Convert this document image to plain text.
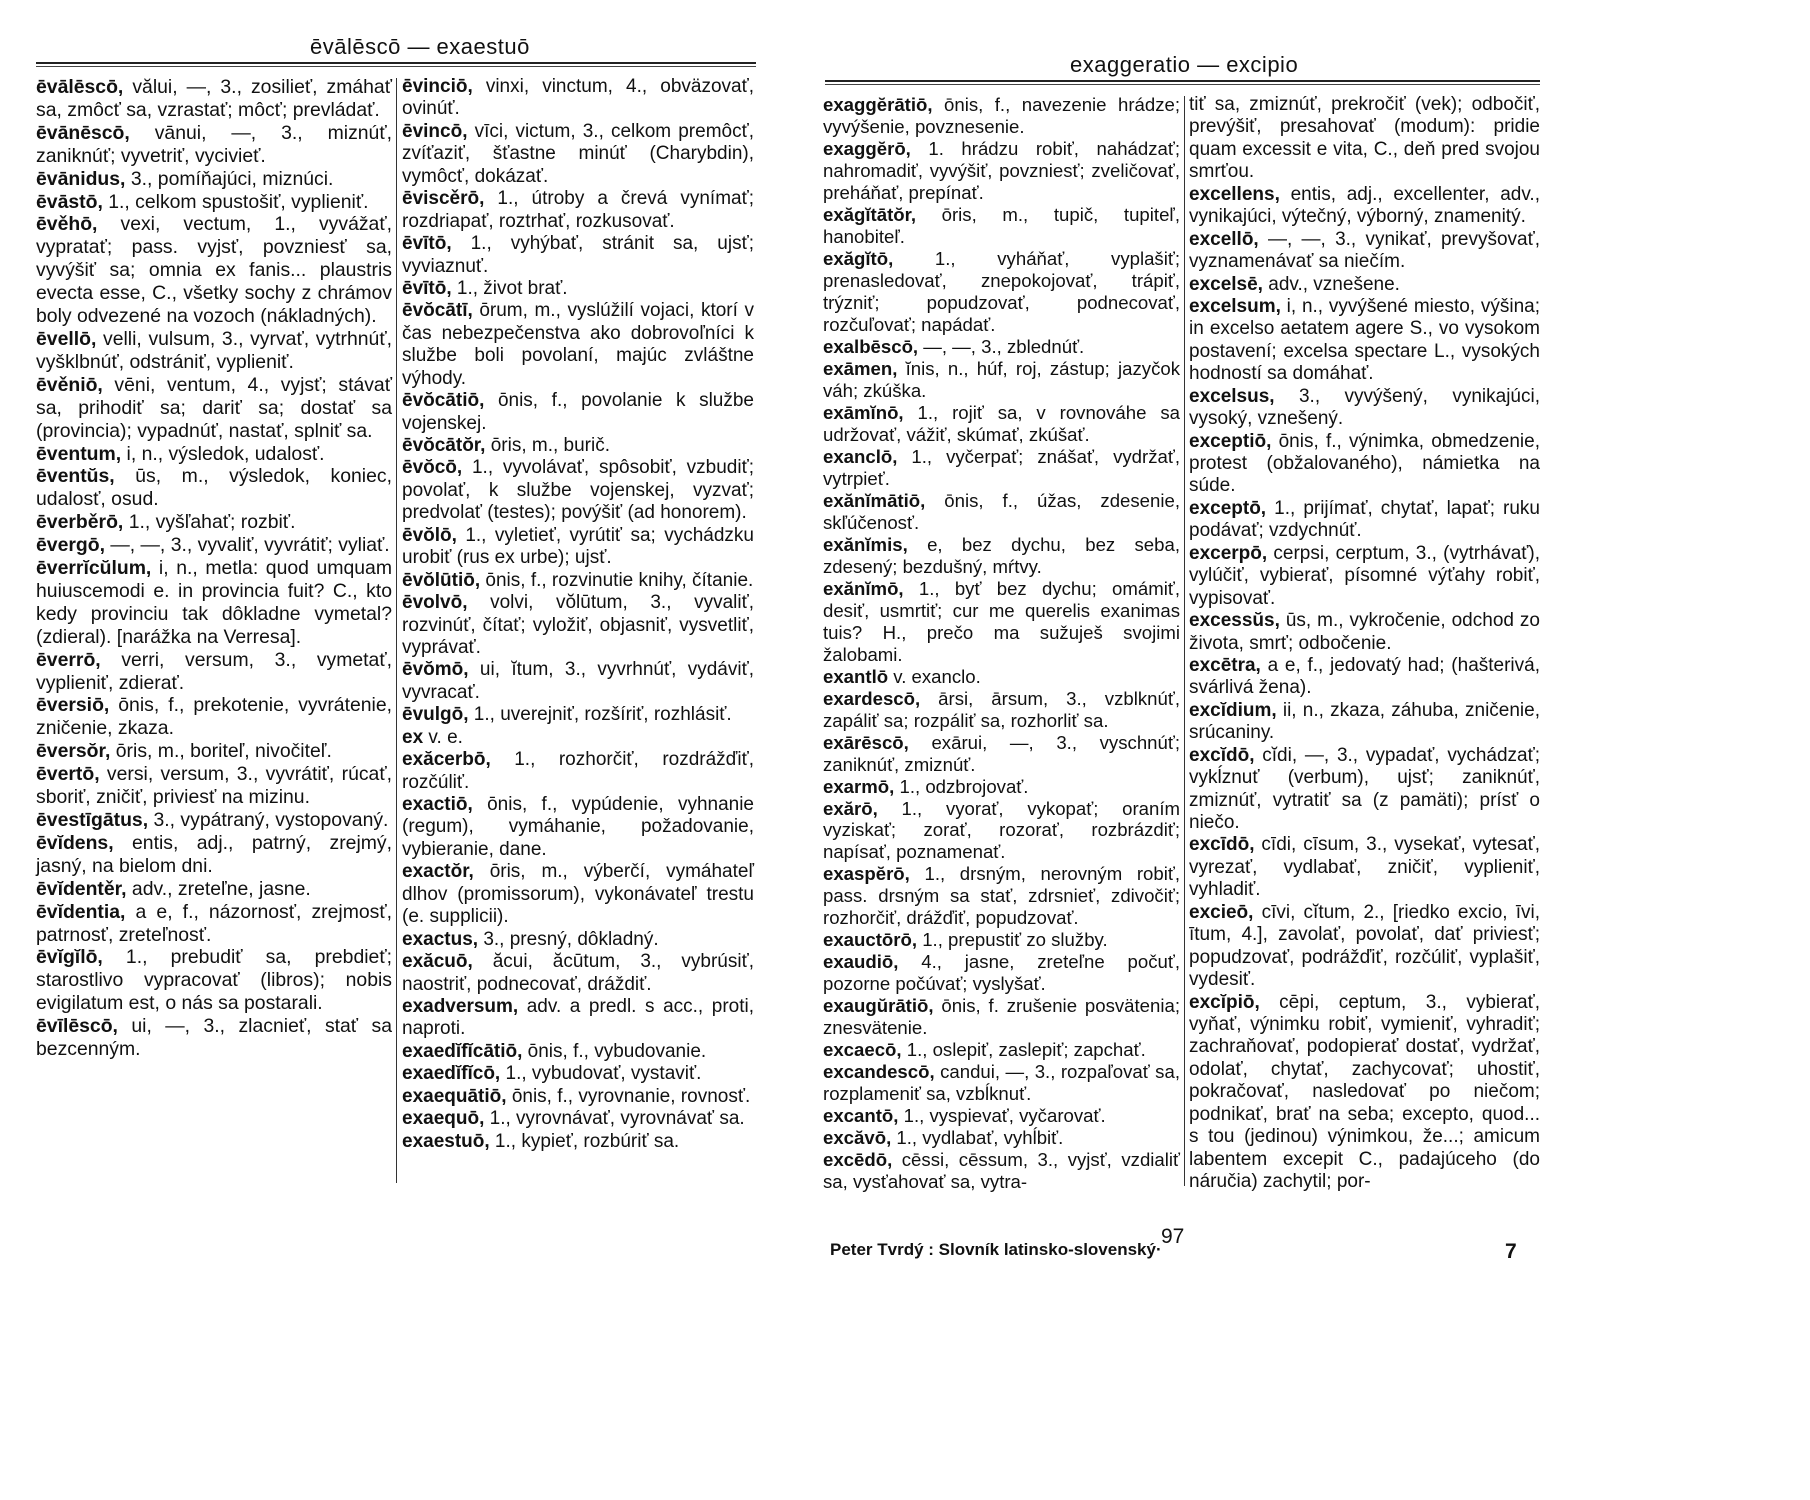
ēvālēscō — exaestuō

ēvālēscō, vălui, —, 3., zosilieť, zmáhať sa, zmôcť sa, vzrastať; môcť; prevládať.

ēvānēscō, vānui, —, 3., miznúť, zaniknúť; vyvetriť, vycivieť.

ēvānidus, 3., pomíňajúci, miznúci.

ēvāstō, 1., celkom spustošiť, vyplieniť.

ēvěhō, vexi, vectum, 1., vyvážať, vypratať; pass. vyjsť, povzniesť sa, vyvýšiť sa; omnia ex fanis... plaustris evecta esse, C., všetky sochy z chrámov boly odvezené na vozoch (nákladných).

ēvellō, velli, vulsum, 3., vyrvať, vytrhnúť, vyšklbnúť, odstrániť, vyplieniť.

ēvěniō, vēni, ventum, 4., vyjsť; stávať sa, prihodiť sa; dariť sa; dostať sa (provincia); vypadnúť, nastať, splniť sa.

ēventum, i, n., výsledok, udalosť.

ēventŭs, ūs, m., výsledok, koniec, udalosť, osud.

ēverběrō, 1., vyšľahať; rozbiť.

ēvergō, —, —, 3., vyvaliť, vyvrátiť; vyliať.

ēverrĭcŭlum, i, n., metla: quod umquam huiuscemodi e. in provincia fuit? C., kto kedy provinciu tak dôkladne vymetal? (zdieral). [narážka na Verresa].

ēverrō, verri, versum, 3., vymetať, vyplieniť, zdierať.

ēversiō, ōnis, f., prekotenie, vyvrátenie, zničenie, zkaza.

ēversŏr, ōris, m., boriteľ, nivočiteľ.

ēvertō, versi, versum, 3., vyvrátiť, rúcať, sboriť, zničiť, priviesť na mizinu.

ēvestīgātus, 3., vypátraný, vystopovaný.

ēvĭdens, entis, adj., patrný, zrejmý, jasný, na bielom dni.

ēvĭdentěr, adv., zreteľne, jasne.

ēvĭdentia, a e, f., názornosť, zrejmosť, patrnosť, zreteľnosť.

ēvĭgĭlō, 1., prebudiť sa, prebdieť; starostlivo vypracovať (libros); nobis evigilatum est, o nás sa postarali.

ēvīlēscō, ui, —, 3., zlacnieť, stať sa bezcenným.

ēvinciō, vinxi, vinctum, 4., obväzovať, ovinúť.

ēvincō, vīci, victum, 3., celkom premôcť, zvíťaziť, šťastne minúť (Charybdin), vymôcť, dokázať.

ēviscěrō, 1., útroby a črevá vynímať; rozdriapať, roztrhať, rozkusovať.

ēvītō, 1., vyhýbať, stránit sa, ujsť; vyviaznuť.

ēvītō, 1., život brať.

ēvŏcātī, ōrum, m., vyslúžilí vojaci, ktorí v čas nebezpečenstva ako dobrovoľníci k službe boli povolaní, majúc zvláštne výhody.

ēvŏcātiō, ōnis, f., povolanie k službe vojenskej.

ēvŏcātŏr, ōris, m., burič.

ēvŏcō, 1., vyvolávať, spôsobiť, vzbudiť; povolať, k službe vojenskej, vyzvať; predvolať (testes); povýšiť (ad honorem).

ēvŏlō, 1., vyletieť, vyrútiť sa; vychádzku urobiť (rus ex urbe); ujsť.

ēvŏlūtiō, ōnis, f., rozvinutie knihy, čítanie.

ēvolvō, volvi, vŏlūtum, 3., vyvaliť, rozvinúť, čítať; vyložiť, objasniť, vysvetliť, vyprávať.

ēvŏmō, ui, ĭtum, 3., vyvrhnúť, vydáviť, vyvracať.

ēvulgō, 1., uverejniť, rozšíriť, rozhlásiť.

ex v. e.

exăcerbō, 1., rozhorčiť, rozdrážďiť, rozčúliť.

exactiō, ōnis, f., vypúdenie, vyhnanie (regum), vymáhanie, požadovanie, vybieranie, dane.

exactŏr, ōris, m., výberčí, vymáhateľ dlhov (promissorum), vykonávateľ trestu (e. supplicii).

exactus, 3., presný, dôkladný.

exăcuō, ăcui, ăcūtum, 3., vybrúsiť, naostriť, podnecovať, dráždiť.

exadversum, adv. a predl. s acc., proti, naproti.

exaedĭfĭcātiō, ōnis, f., vybudovanie.

exaedĭfĭcō, 1., vybudovať, vystaviť.

exaequātiō, ōnis, f., vyrovnanie, rovnosť.

exaequō, 1., vyrovnávať, vyrovnávať sa.

exaestuō, 1., kypieť, rozbúriť sa.

exaggeratio — excipio

exaggĕrātiō, ōnis, f., navezenie hrádze; vyvýšenie, povznesenie.

exaggĕrō, 1. hrádzu robiť, nahádzať; nahromadiť, vyvýšiť, povzniesť; zveličovať, preháňať, prepínať.

exăgĭtātŏr, ōris, m., tupič, tupiteľ, hanobiteľ.

exăgĭtō, 1., vyháňať, vyplašiť; prenasledovať, znepokojovať, trápiť, trýzniť; popudzovať, podnecovať, rozčuľovať; napádať.

exalbēscō, —, —, 3., zblednúť.

exāmen, ĭnis, n., húf, roj, zástup; jazyčok váh; zkúška.

exāmĭnō, 1., rojiť sa, v rovnováhe sa udržovať, vážiť, skúmať, zkúšať.

exanclō, 1., vyčerpať; znášať, vydržať, vytrpieť.

exănĭmātiō, ōnis, f., úžas, zdesenie, skľúčenosť.

exănĭmis, e, bez dychu, bez seba, zdesený; bezdušný, mŕtvy.

exănĭmō, 1., byť bez dychu; omámiť, desiť, usmrtiť; cur me querelis exanimas tuis? H., prečo ma sužuješ svojimi žalobami.

exantlō v. exanclo.

exardescō, ārsi, ārsum, 3., vzblknúť, zapáliť sa; rozpáliť sa, rozhorliť sa.

exārēscō, exārui, —, 3., vyschnúť; zaniknúť, zmiznúť.

exarmō, 1., odzbrojovať.

exărō, 1., vyorať, vykopať; oraním vyziskať; zorať, rozorať, rozbrázdiť; napísať, poznamenať.

exaspĕrō, 1., drsným, nerovným robiť, pass. drsným sa stať, zdrsnieť, zdivočiť; rozhorčiť, drážďiť, popudzovať.

exauctōrō, 1., prepustiť zo služby.

exaudiō, 4., jasne, zreteľne počuť, pozorne počúvať; vyslyšať.

exaugŭrātiō, ōnis, f. zrušenie posvätenia; znesvätenie.

excaecō, 1., oslepiť, zaslepiť; zapchať.

excandescō, candui, —, 3., rozpaľovať sa, rozplameniť sa, vzbĺknuť.

excantō, 1., vyspievať, vyčarovať.

excăvō, 1., vydlabať, vyhĺbiť.

excēdō, cēssi, cēssum, 3., vyjsť, vzdialiť sa, vysťahovať sa, vytra-

tiť sa, zmiznúť, prekročiť (vek); odbočiť, prevýšiť, presahovať (modum): pridie quam excessit e vita, C., deň pred svojou smrťou.

excellens, entis, adj., excellenter, adv., vynikajúci, výtečný, výborný, znamenitý.

excellō, —, —, 3., vynikať, prevyšovať, vyznamenávať sa niečím.

excelsē, adv., vznešene.

excelsum, i, n., vyvýšené miesto, výšina; in excelso aetatem agere S., vo vysokom postavení; excelsa spectare L., vysokých hodností sa domáhať.

excelsus, 3., vyvýšený, vynikajúci, vysoký, vznešený.

exceptiō, ōnis, f., výnimka, obmedzenie, protest (obžalovaného), námietka na súde.

exceptō, 1., prijímať, chytať, lapať; ruku podávať; vzdychnúť.

excerpō, cerpsi, cerptum, 3., (vytrhávať), vylúčiť, vybierať, písomné výťahy robiť, vypisovať.

excessŭs, ūs, m., vykročenie, odchod zo života, smrť; odbočenie.

excētra, a e, f., jedovatý had; (hašterivá, svárlivá žena).

excĭdium, ii, n., zkaza, záhuba, zničenie, srúcaniny.

excĭdō, cĭdi, —, 3., vypadať, vychádzať; vykĺznuť (verbum), ujsť; zaniknúť, zmiznúť, vytratiť sa (z pamäti); prísť o niečo.

excīdō, cīdi, cīsum, 3., vysekať, vytesať, vyrezať, vydlabať, zničiť, vyplieniť, vyhladiť.

excieō, cīvi, cĭtum, 2., [riedko excio, īvi, ītum, 4.], zavolať, povolať, dať priviesť; popudzovať, podrážďiť, rozčúliť, vyplašiť, vydesiť.

excĭpiō, cēpi, ceptum, 3., vybierať, vyňať, výnimku robiť, vymieniť, vyhradiť; zachraňovať, podopierať dostať, vydržať, odolať, chytať, zachycovať; uhostiť, pokračovať, nasledovať po niečom; podnikať, brať na seba; excepto, quod... s tou (jedinou) výnimkou, že...; amicum labentem excepit C., padajúceho (do náručia) zachytil; por-

97
Peter Tvrdý : Slovník latinsko-slovenský·	7
